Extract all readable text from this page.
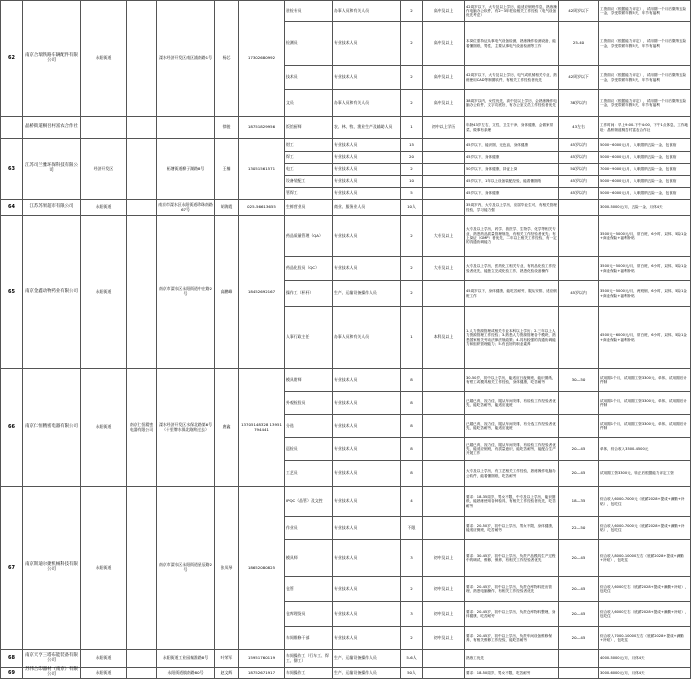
62	南京合瑞铁路车辆配件有限公司	永阳街道		溧水经济开发区南区浦南路1号	杨芯	17302680992	驻检专员	办事人员和有关人员	2	高中及以上	42周岁以下，大专及以上学历，能适应倒班作息，熟练操作电脑办公软件，有2~3年驻检相关工作经验（电气设备优先考虑）	42周岁以下	工资面议（根据能力评定），试用期一个月后缴纳五险一金，享受带薪年假5天，年节有福利
							检测员	专业技术人员	2	高中及以上	本岗位需持证从事电气设备检测，熟练操作检测设备，能看懂图纸，男性，主要从事电气设备检测等工作	25-40	工资面议（根据能力评定），试用期一个月后缴纳五险一金，享受带薪年假5天，年节有福利
							技术员	专业技术人员	2	高中及以上	42周岁以下，大专及以上学历，电气或机械相关专业，熟练使用CAD等制图软件，有相关工作经验者优先	42周岁以下	工资面议（根据能力评定），试用期一个月后缴纳五险一金，享受带薪年假5天，年节有福利
							文员	办事人员和有关人员	2	高中及以上	38周岁以内，女性优先，高中及以上学历，会熟练操作电脑办公软件，文字功底好，有办公室文员工作经验者优先	38岁以内	工资面议（根据能力评定），试用期一个月后缴纳五险一金，享受带薪年假5天，年节有福利
	晶桥街道桐吾村富农合作社				徐骏	18751829956	饭馆厨师	农、林、牧、渔业生产及辅助人员	1	初中以上学历	年龄43岁左右，文性，卫生干净，身体健康，会做家常菜，做事有条理	43左右	工作时间：早上9:00-下午4:00，下午1点休息，工作地址：晶桥街道桐吾村富农合作社
63	江苏司兰雅环保科技有限公司	经济开发区		柘塘街道柳子湖路8号	王楠	13051561571	钳工	专业技术人员	15		45岁以下，能识图，无色盲，身体健康	45岁以内	5000~6000元/月，入职缴纳五险一金，包食宿
							焊工	专业技术人员	20		45岁以下，身体健康	45岁以内	5000~6000元/月，入职缴纳五险一金，包食宿
							电工	专业技术人员	2		50岁以下，身体健康，持证上岗	50岁以内	7000~9000元/月，入职缴纳五险一金，包食宿
							设备装配工	专业技术人员	10		45岁以下，1年以上设备装配经验，能看懂图纸	45岁以内	5000~6000元/月，入职缴纳五险一金，包食宿
							管焊工	专业技术人员	5		45岁以下，身体健康	45岁以内	5000~6000元/月，入职缴纳五险一金，包食宿
64	江苏苏果超市有限公司	永阳街道		南京市溧水区永阳街道珍珠南路67号	胡海霞	025-56613655	生鲜营业员	商业、服务业人员	10人		35周岁内，大专及以上学历，应届毕业生可，有相关管理经验，学习能力强		3000-5000元/月，五险一金，月休4天
65	南京金鑫动物药业有限公司	永阳街道		南京市溧水区永阳街道中庄路2号	高鹏峰	18452692167	药品质量管理（QA）	专业技术人员	2	大专及以上	大专及以上学历，药学、兽医学、生物学、化学等相关专业，熟悉药品质量管理规范，有相关工作经验者优先；有上岗证（GMP）者优先，二年以上相关工作经验，有一定的沟通协调能力		3500元~5000元/月，常白班，6小时、双休、5险1金+商业保险+福利补贴
							药品化验员（QC）	专业技术人员	2	大专及以上	大专及以上学历，医药化工相关专业，有药品化验工作经验者优先，能独立完成化验工作，熟悉化验设备操作		3500元~5000元/月，常白班，6小时，双休，5险1金+商业保险+福利补贴
							操作工（杯杆）	生产、运输设备操作人员	2		45周岁以下，身体健康，能吃苦耐劳，服从安排，适应倒班工作	45岁以内	3500元~5000元/月，两班倒，6小时，双休，5险1金+商业保险+福利补贴
							人事行政主任	办事人员和有关人员	1	本科及以上	1.人力资源管理或相关专业本科以上学历；2.三年以上人力资源管理工作经验；3.熟悉人力资源管理各个模块，熟悉国家相关劳动法律法规政策；4.具有较强的沟通协调能力和组织管理能力；5.有良好的职业素养		4500元~6000元/月，常白班，6小时，双休，5险1金+商业保险+福利补贴
66	南京仁恒精密电器有限公司	永阳街道	南京仁恒精密电器有限公司	溧水经济开发区水保北路第6号（十里牌水保北路跨过去）	唐鑫	13705148328 13951794441	模具钳师	专业技术人员	8		30-50岁，初中以上学历，能适应日夜倒班，能识图纸，有钳工或模具相关工作经验，身体健康，吃苦耐劳	30—50	试用期1个月，试用期工资3300元，单休，试用期后计件制
							外观检验员	专业技术人员	8		已婚已育，视力佳，服从车间安排，有检验工作经验者优先，能吃苦耐劳，能适应夜班		试用期1个月，试用期工资3300元，单休，试用期后计件制
							分选	专业技术人员	8		已婚已育，视力佳，服从车间安排，有分选工作经验者优先，能吃苦耐劳，能适应夜班		试用期1个月，试用期工资3300元，单休，试用期后计件制
							巡检员	专业技术人员	8		已婚已育，视力佳，服从车间安排，有检验工作经验者优先，能适应倒班，有质量意识，能吃苦耐劳，能配合生产开展工作	20—45	单休，综合收入3500-4500元
							工艺员	专业技术人员	8		大专及以上学历，有工艺相关工作经验，熟练操作电脑办公软件，能看懂图纸，吃苦耐劳	20—45	试用期工资3300元，转正后根据能力评定工资
67	南京斯迪尔捷机械科技有限公司	永阳街道		南京市溧水区永阳街道星辰路2号	张凤琴	18652080825	IPQC（品管）及文控	专业技术人员	4		要求：18-35周岁，男女不限，中专及以上学历，能识图纸，能熟练使用各种检具，有相关工作经验者优先，吃苦耐劳	18—35	综合收入6000-7000元（底薪2028+提成+满勤+补贴），包吃住
							作业员	专业技术人员	不限		要求：20-50岁，初中以上学历，男女不限，身体健康，能适应倒班，吃苦耐劳	22—50	综合收入6000-7000元（底薪2028+提成+满勤+补贴），包吃住
							模具师	专业技术人员	3	初中及以上	要求：30-45岁，初中以上学历，负责产品模具生产过程中的调试，维修，保养，有相关工作经验者优先	20—45	综合收入8000-10000左右（底薪2028+提成+满勤+补贴），包吃住
							仓管	专业技术人员	2	初中及以上	要求：20-45岁，初中以上学历，负责仓库物料进出管理，熟悉电脑操作，有相关工作经验者优先	20—45	综合收入6000左右（底薪2028+提成+满勤+补贴），包吃住
							仓库理货员	专业技术人员	3	初中及以上	要求：20-45岁，初中以上学历，负责仓库物料整理，身体健康，吃苦耐劳	20—45	综合收入6000左右（底薪2028+提成+满勤+补贴），包吃住
							车间维修干部	专业技术人员	2	初中及以上	要求：20-45岁，初中以上学历，负责车间设备维修保养，有相关维修工作经验，能吃苦耐劳	20—45	综合收入7000-10000左右（底薪2028+提成+满勤+补贴），包吃住
68	南京天亨三塔布能装备有限公司	永阳街道		永阳街道工业园秦淮路8号	叶荣军	15951760119	车间操作工（行车工、焊工、铆工）	生产、运输设备操作人员	5-6人		熟练工优先		4000-5000元/月，月休4天
69	苏伟合印器材（南京）有限公司	永阳街道		永阳街道镇南路80号	赵文辉	18752671917	车间操作工	生产、运输设备操作人员	50人		要求：18-50周岁，男女不限，吃苦耐劳		3000-6000元/月，月休4天
